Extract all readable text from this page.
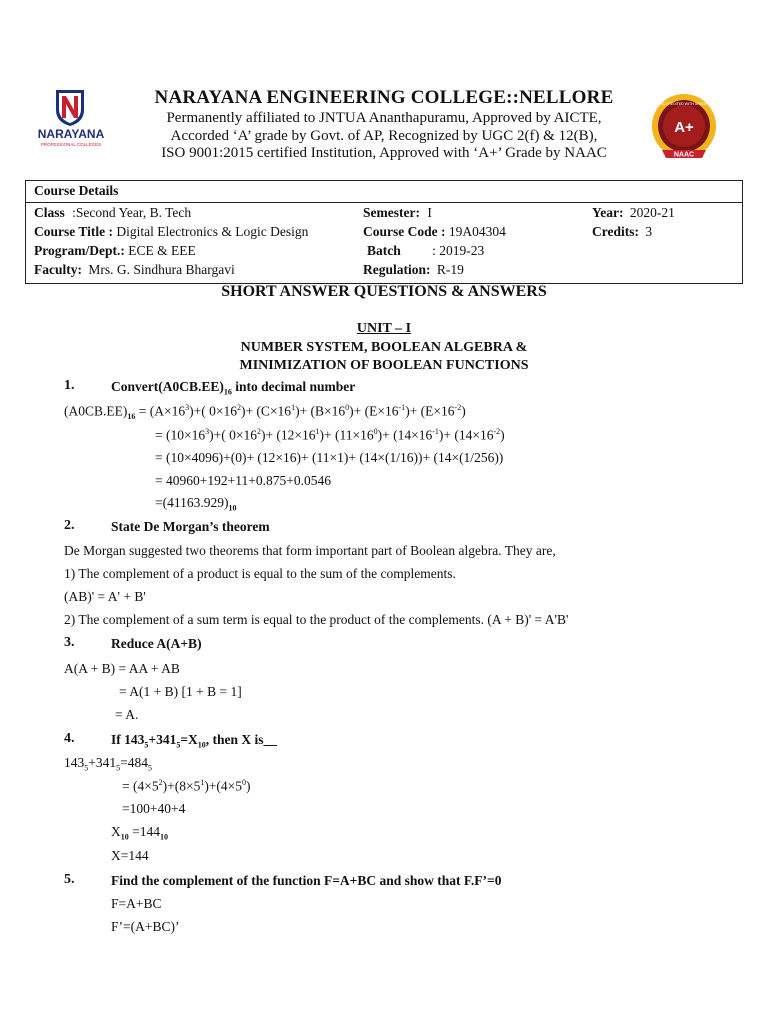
NARAYANA
PROFESSIONAL COLLEGES
A+
NAAC
ACCREDITED WITH GRADE
NARAYANA ENGINEERING COLLEGE::NELLORE
Permanently affiliated to JNTUA Ananthapuramu, Approved by AICTE,
Accorded ‘A’ grade by Govt. of AP, Recognized by UGC 2(f) & 12(B),
ISO 9001:2015 certified Institution, Approved with ‘A+’ Grade by NAAC
Course Details
Class :Second Year, B. Tech	Semester: I	Year: 2020-21
Course Title : Digital Electronics & Logic Design	Course Code : 19A04304	Credits: 3
Program/Dept.: ECE & EEE	Batch : 2019-23
Faculty: Mrs. G. Sindhura Bhargavi	Regulation: R-19
SHORT ANSWER QUESTIONS & ANSWERS
UNIT – I
NUMBER SYSTEM, BOOLEAN ALGEBRA &
MINIMIZATION OF BOOLEAN FUNCTIONS
1.	$Convert(A0CB.EE)_{16}$ into decimal number
$(A0CB.EE)_{16} = (A\times 16^3)+$( $0\times 16^2)+ (C\times 16^1)+ (B\times 16^0)+ (E\times 16^{-1})+ (E\times 16^{-2})$
= $(10\times 16^3)+$( $0\times 16^2)+ (12\times 16^1)+ (11\times 16^0)+ (14\times 16^{-1})+ (14\times 16^{-2})$
= (10×4096)+(0)+ (12×16)+ (11×1)+ (14×(1/16))+ (14×(1/256))
= 40960+192+11+0.875+0.0546
$=(41163.929)_{10}$
2.	State De Morgan’s theorem
De Morgan suggested two theorems that form important part of Boolean algebra. They are,
1) The complement of a product is equal to the sum of the complements.
(AB)' = A' + B'
2) The complement of a sum term is equal to the product of the complements. (A + B)' = A'B'
3.	Reduce A(A+B)
A(A + B) = AA + AB
= A(1 + B) [1 + B = 1]
= A.
4.	If $143_5+341_5=X_{10}$, then X is__
$143_5+341_5=484_5$
= $(4\times 5^2)+(8\times 5^1)+(4\times 5^0)$
=100+40+4
$X_{10} =144_{10}$
X=144
5.	Find the complement of the function F=A+BC and show that F.F’=0
F=A+BC
F’=(A+BC)’
